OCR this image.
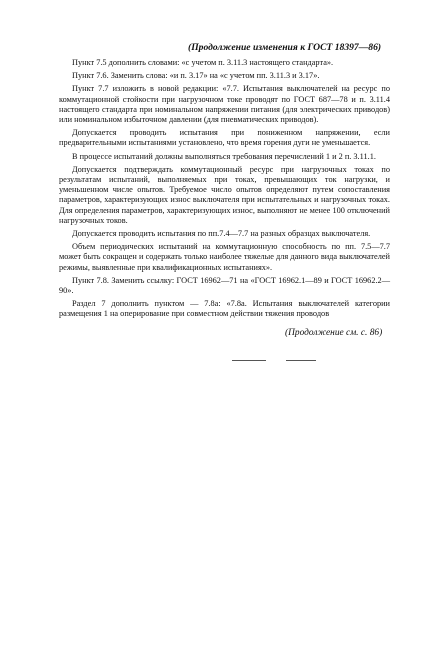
(Продолжение изменения к ГОСТ 18397—86)

Пункт 7.5 дополнить словами: «с учетом п. 3.11.3 настоящего стандарта».

Пункт 7.6. Заменить слова: «и п. 3.17» на «с учетом пп. 3.11.3 и 3.17».

Пункт 7.7 изложить в новой редакции: «7.7. Испытания выключателей на ресурс по коммутационной стойкости при нагрузочном токе проводят по ГОСТ 687—78 и п. 3.11.4 настоящего стандарта при номинальном напряжении питания (для электрических приводов) или номинальном избыточном давлении (для пневматических приводов).

Допускается проводить испытания при пониженном напряжении, если предварительными испытаниями установлено, что время горения дуги не уменьшается.

В процессе испытаний должны выполняться требования перечислений 1 и 2 п. 3.11.1.

Допускается подтверждать коммутационный ресурс при нагрузочных токах по результатам испытаний, выполняемых при токах, превышающих ток нагрузки, и уменьшенном числе опытов. Требуемое число опытов определяют путем сопоставления параметров, характеризующих износ выключателя при испытательных и нагрузочных токах. Для определения параметров, характеризующих износ, выполняют не менее 100 отключений нагрузочных токов.

Допускается проводить испытания по пп.7.4—7.7 на разных образцах выключателя.

Объем периодических испытаний на коммутационную способность по пп. 7.5—7.7 может быть сокращен и содержать только наиболее тяжелые для данного вида выключателей режимы, выявленные при квалификационных испытаниях».

Пункт 7.8. Заменить ссылку: ГОСТ 16962—71 на «ГОСТ 16962.1—89 и ГОСТ 16962.2—90».

Раздел 7 дополнить пунктом — 7.8а: «7.8а. Испытания выключателей категории размещения 1 на оперирование при совместном действии тяжения проводов

(Продолжение см. с. 86)
